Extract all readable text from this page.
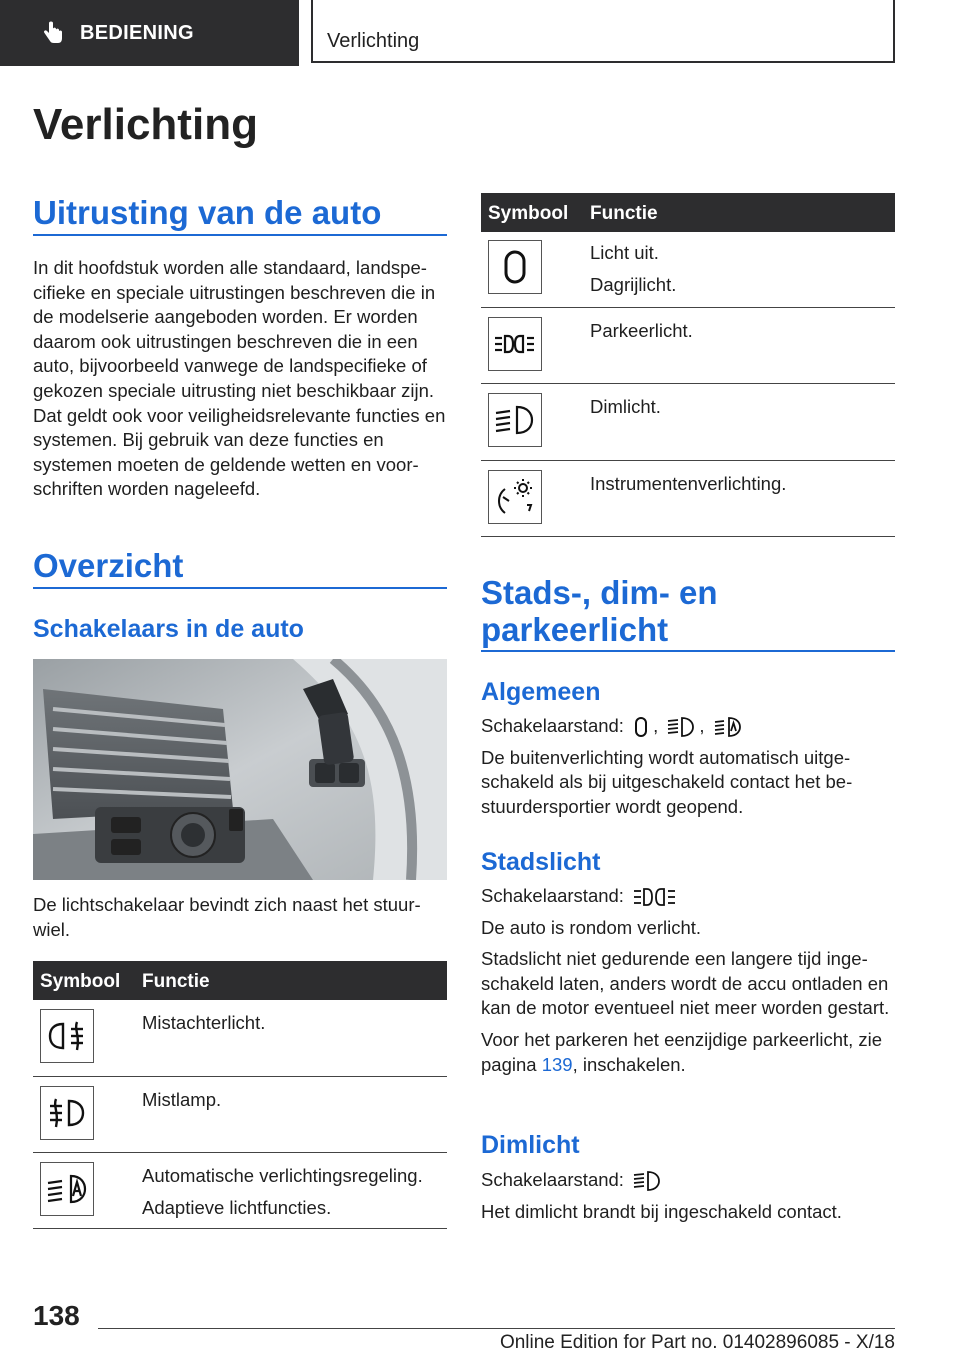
BEDIENING	Verlichting
Verlichting
Uitrusting van de auto

In dit hoofdstuk worden alle standaard, landspecifieke en speciale uitrustingen beschreven die in de modelserie aangeboden worden. Er worden daarom ook uitrustingen beschreven die in een auto, bijvoorbeeld vanwege de landspecifieke of gekozen speciale uitrusting niet beschikbaar zijn. Dat geldt ook voor veiligheidsrelevante functies en systemen. Bij gebruik van deze functies en systemen moeten de geldende wetten en voorschriften worden nageleefd.

Overzicht
Schakelaars in de auto

De lichtschakelaar bevindt zich naast het stuurwiel.

Symbool Functie

Mistachterlicht.

Mistlamp.

Automatische verlichtingsregeling.

Adaptieve lichtfuncties.

Symbool Functie

Licht uit.

Dagrijlicht.

Parkeerlicht.

Dimlicht.

Instrumentenverlichting.

Stads-, dim- en parkeerlicht
Algemeen

Schakelaarstand: , ,

De buitenverlichting wordt automatisch uitgeschakeld als bij uitgeschakeld contact het bestuurdersportier wordt geopend.

Stadslicht

Schakelaarstand:

De auto is rondom verlicht.

Stadslicht niet gedurende een langere tijd ingeschakeld laten, anders wordt de accu ontladen en kan de motor eventueel niet meer worden gestart.

Voor het parkeren het eenzijdige parkeerlicht, zie pagina 139, inschakelen.

Dimlicht

Schakelaarstand:

Het dimlicht brandt bij ingeschakeld contact.

138
Online Edition for Part no. 01402896085 - X/18
